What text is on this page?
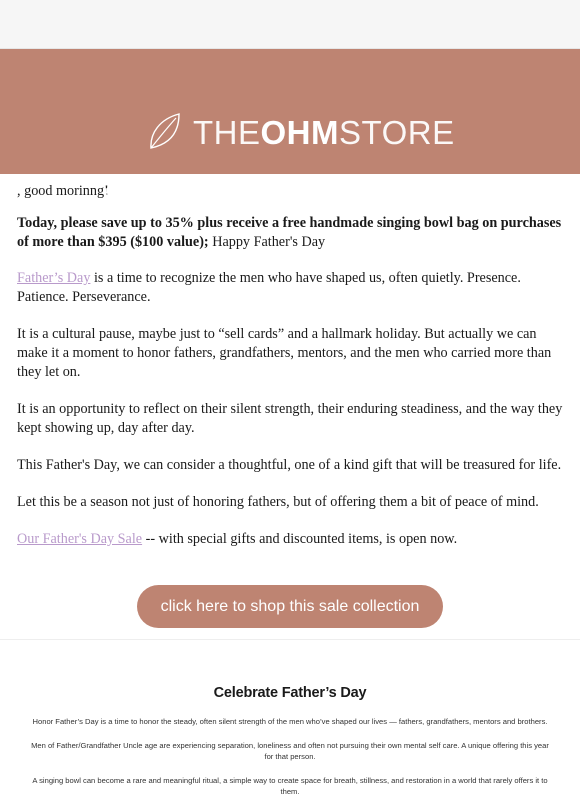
THEOHMSTORE
Singing Bowls	Journals	Bundles

, good morinng!

Today, please save up to 35% plus receive a free handmade singing bowl bag on purchases of more than $395 ($100 value); Happy Father's Day

Father’s Day is a time to recognize the men who have shaped us, often quietly. Presence. Patience. Perseverance.

It is a cultural pause, maybe just to “sell cards” and a hallmark holiday. But actually we can make it a moment to honor fathers, grandfathers, mentors, and the men who carried more than they let on.

It is an opportunity to reflect on their silent strength, their enduring steadiness, and the way they kept showing up, day after day.

This Father's Day, we can consider a thoughtful, one of a kind gift that will be treasured for life.

Let this be a season not just of honoring fathers, but of offering them a bit of peace of mind.

Our Father's Day Sale -- with special gifts and discounted items, is open now.

click here to shop this sale collection
Celebrate Father’s Day

Honor Father’s Day is a time to honor the steady, often silent strength of the men who’ve shaped our lives — fathers, grandfathers, mentors and brothers.

Men of Father/Grandfather Uncle age are experiencing separation, loneliness and often not pursuing their own mental self care. A unique offering this year for that person.

A singing bowl can become a rare and meaningful ritual, a simple way to create space for breath, stillness, and restoration in a world that rarely offers it to them.
